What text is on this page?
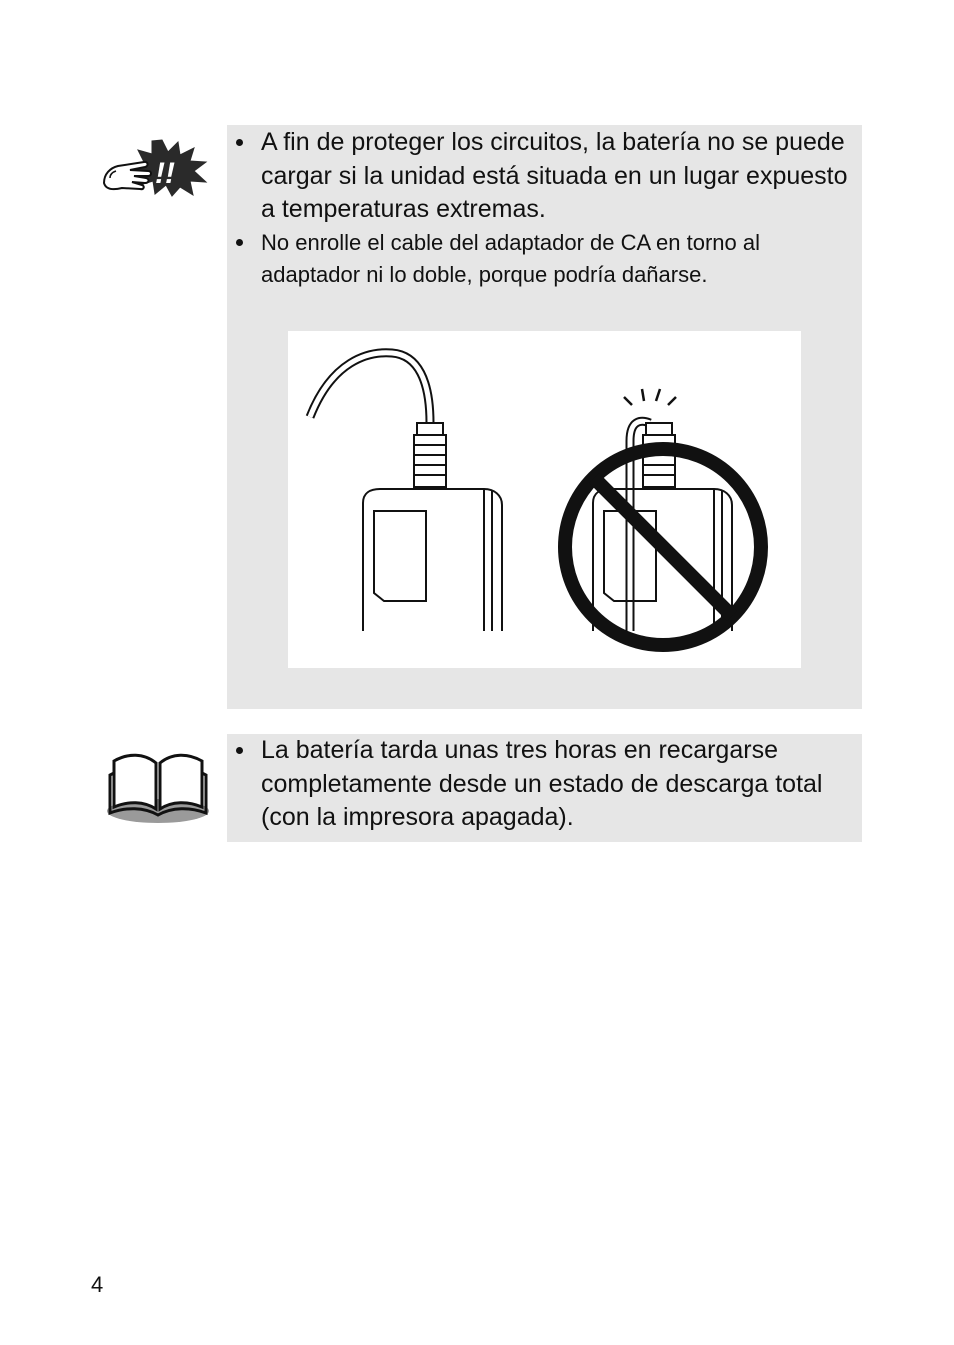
!!
A fin de proteger los circuitos, la batería no se puede cargar si la unidad está situada en un lugar expuesto a temperaturas extremas.
No enrolle el cable del adaptador de CA en torno al adaptador ni lo doble, porque podría dañarse.
La batería tarda unas tres horas en recargarse completamente desde un estado de descarga total (con la impresora apagada).
4
